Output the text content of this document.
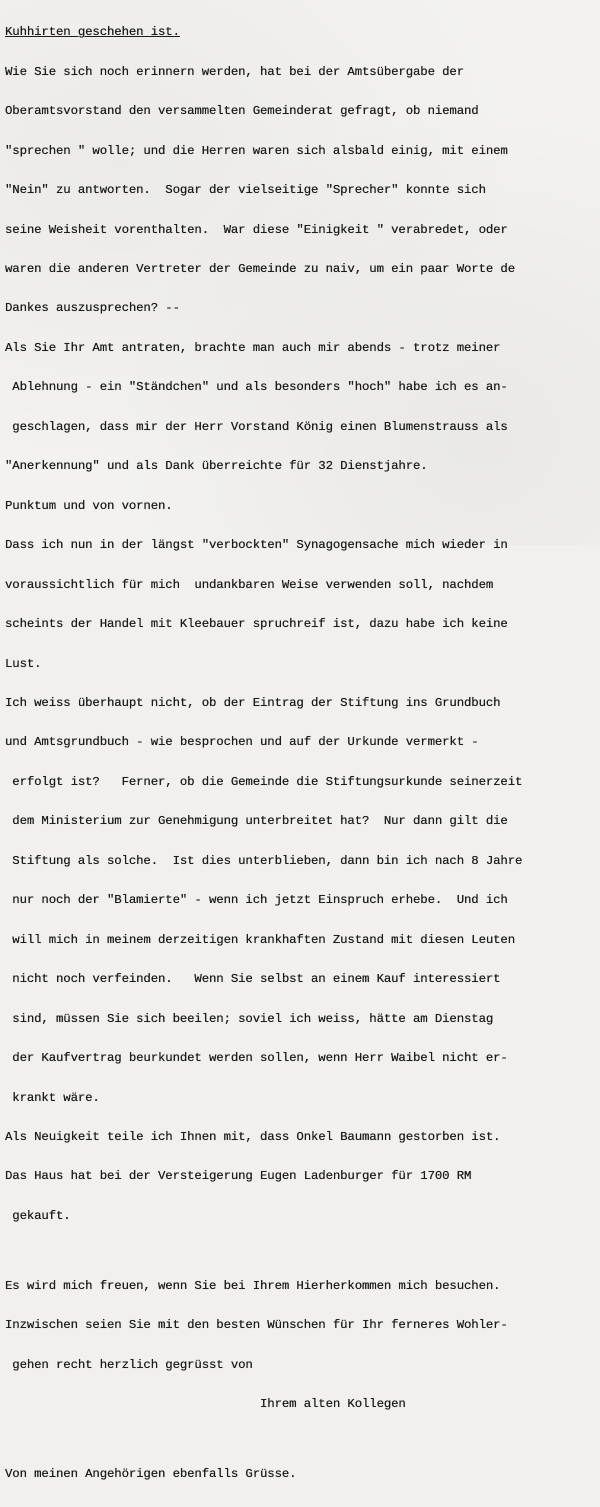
Kuhhirten geschehen ist.

Wie Sie sich noch erinnern werden, hat bei der Amtsübergabe der

Oberamtsvorstand den versammelten Gemeinderat gefragt, ob niemand

"sprechen " wolle; und die Herren waren sich alsbald einig, mit einem

"Nein" zu antworten.  Sogar der vielseitige "Sprecher" konnte sich

seine Weisheit vorenthalten.  War diese "Einigkeit " verabredet, oder

waren die anderen Vertreter der Gemeinde zu naiv, um ein paar Worte de

Dankes auszusprechen? --

Als Sie Ihr Amt antraten, brachte man auch mir abends - trotz meiner

Ablehnung - ein "Ständchen" und als besonders "hoch" habe ich es an-

geschlagen, dass mir der Herr Vorstand König einen Blumenstrauss als

"Anerkennung" und als Dank überreichte für 32 Dienstjahre.

Punktum und von vornen.

Dass ich nun in der längst "verbockten" Synagogensache mich wieder in

voraussichtlich für mich  undankbaren Weise verwenden soll, nachdem

scheints der Handel mit Kleebauer spruchreif ist, dazu habe ich keine

Lust.

Ich weiss überhaupt nicht, ob der Eintrag der Stiftung ins Grundbuch

und Amtsgrundbuch - wie besprochen und auf der Urkunde vermerkt -

erfolgt ist?   Ferner, ob die Gemeinde die Stiftungsurkunde seinerzeit

dem Ministerium zur Genehmigung unterbreitet hat?  Nur dann gilt die

Stiftung als solche.  Ist dies unterblieben, dann bin ich nach 8 Jahre

nur noch der "Blamierte" - wenn ich jetzt Einspruch erhebe.  Und ich

will mich in meinem derzeitigen krankhaften Zustand mit diesen Leuten

nicht noch verfeinden.   Wenn Sie selbst an einem Kauf interessiert

sind, müssen Sie sich beeilen; soviel ich weiss, hätte am Dienstag

der Kaufvertrag beurkundet werden sollen, wenn Herr Waibel nicht er-

krankt wäre.

Als Neuigkeit teile ich Ihnen mit, dass Onkel Baumann gestorben ist.

Das Haus hat bei der Versteigerung Eugen Ladenburger für 1700 RM

gekauft.

Es wird mich freuen, wenn Sie bei Ihrem Hierherkommen mich besuchen.

Inzwischen seien Sie mit den besten Wünschen für Ihr ferneres Wohler-

gehen recht herzlich gegrüsst von

Ihrem alten Kollegen

Von meinen Angehörigen ebenfalls Grüsse.
